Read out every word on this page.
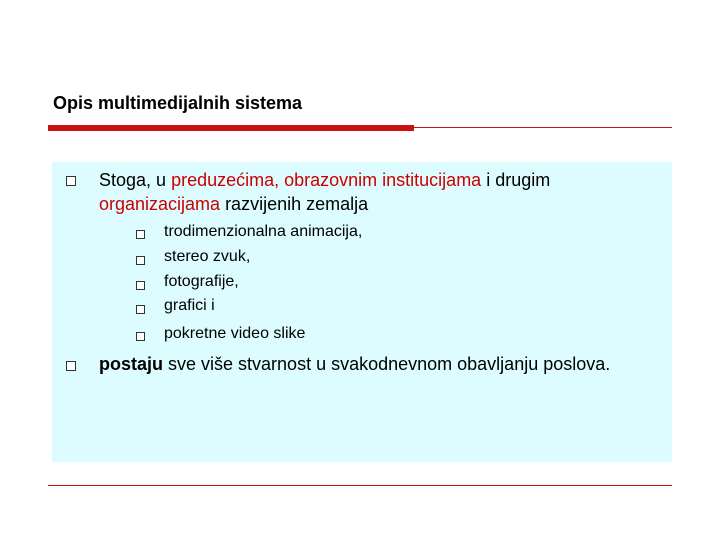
Opis multimedijalnih sistema
Stoga, u preduzećima, obrazovnim institucijama i drugim organizacijama razvijenih zemalja
trodimenzionalna animacija,
stereo zvuk,
fotografije,
grafici i
pokretne video slike
postaju sve više stvarnost u svakodnevnom obavljanju poslova.
